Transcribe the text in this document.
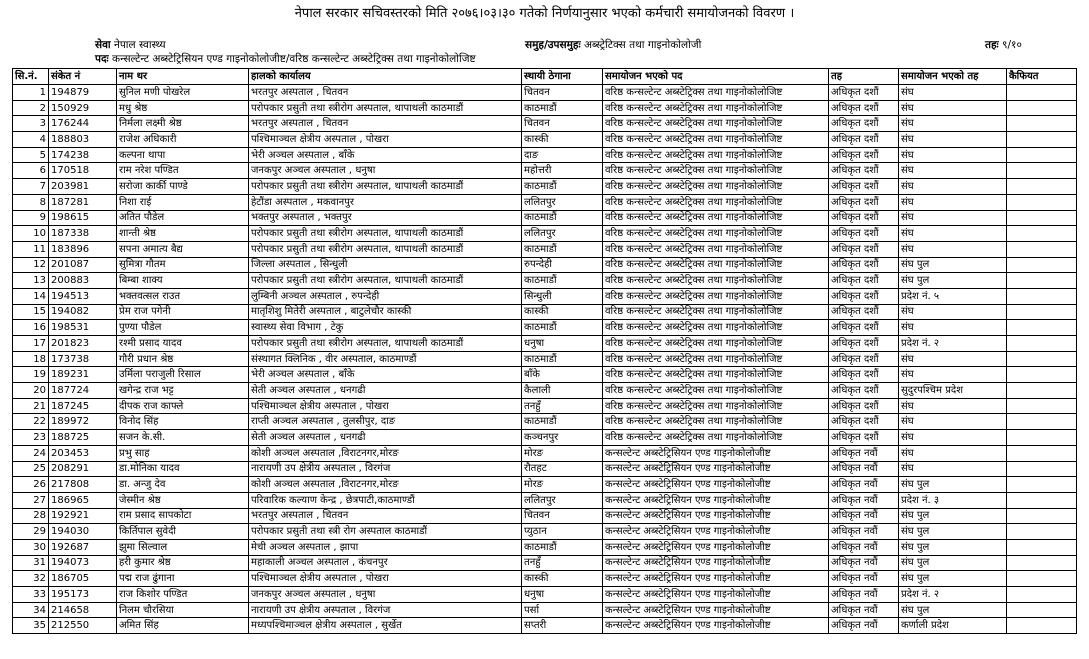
नेपाल सरकार सचिवस्तरको मिति २०७६।०३।३० गतेको निर्णयानुसार भएको कर्मचारी समायोजनको विवरण ।
सेवा नेपाल स्वास्थ्य	समुह/उपसमुहः अब्स्ट्रेटिक्स तथा गाइनोकोलोजी	तहः ९/१०
पदः कन्सल्टेन्ट अब्स्टेट्रिसियन एण्ड गाइनोकोलोजीष्ट/वरिष्ठ कन्सल्टेन्ट अब्स्टेट्रिक्स तथा गाइनोकोलोजिष्ट
सि.नं.	संकेत नं	नाम थर	हालको कार्यालय	स्थायी ठेगाना	समायोजन भएको पद	तह	समायोजन भएको तह	कैफियत
1	194879	सुनिल मणी पोखरेल	भरतपुर अस्पताल , चितवन	चितवन	वरिष्ठ कन्सल्टेन्ट अब्स्टेट्रिक्स तथा गाइनोकोलोजिष्ट	अधिकृत दशौं	संघ	
2	150929	मधु श्रेष्ठ	परोपकार प्रसुती तथा स्त्रीरोग अस्पताल, थापाथली काठमाडौं	काठमाडौं	वरिष्ठ कन्सल्टेन्ट अब्स्टेट्रिक्स तथा गाइनोकोलोजिष्ट	अधिकृत दशौं	संघ	
3	176244	निर्मला लक्ष्मी श्रेष्ठ	भरतपुर अस्पताल , चितवन	चितवन	वरिष्ठ कन्सल्टेन्ट अब्स्टेट्रिक्स तथा गाइनोकोलोजिष्ट	अधिकृत दशौं	संघ	
4	188803	राजेश अधिकारी	पश्चिमाञ्चल क्षेत्रीय अस्पताल , पोखरा	कास्की	वरिष्ठ कन्सल्टेन्ट अब्स्टेट्रिक्स तथा गाइनोकोलोजिष्ट	अधिकृत दशौं	संघ	
5	174238	कल्पना थापा	भेरी अञ्चल अस्पताल , बाँके	दाङ	वरिष्ठ कन्सल्टेन्ट अब्स्टेट्रिक्स तथा गाइनोकोलोजिष्ट	अधिकृत दशौं	संघ	
6	170518	राम नरेश पण्डित	जनकपुर अञ्चल अस्पताल , धनुषा	महोत्तरी	वरिष्ठ कन्सल्टेन्ट अब्स्टेट्रिक्स तथा गाइनोकोलोजिष्ट	अधिकृत दशौं	संघ	
7	203981	सरोजा कार्की पाण्डे	परोपकार प्रसुती तथा स्त्रीरोग अस्पताल, थापाथली काठमाडौं	काठमाडौं	वरिष्ठ कन्सल्टेन्ट अब्स्टेट्रिक्स तथा गाइनोकोलोजिष्ट	अधिकृत दशौं	संघ	
8	187281	निशा राई	हेटौंडा अस्पताल , मकवानपुर	ललितपुर	वरिष्ठ कन्सल्टेन्ट अब्स्टेट्रिक्स तथा गाइनोकोलोजिष्ट	अधिकृत दशौं	संघ	
9	198615	अतित पौडेल	भक्तपुर अस्पताल , भक्तपुर	काठमाडौं	वरिष्ठ कन्सल्टेन्ट अब्स्टेट्रिक्स तथा गाइनोकोलोजिष्ट	अधिकृत दशौं	संघ	
10	187338	शान्ती श्रेष्ठ	परोपकार प्रसुती तथा स्त्रीरोग अस्पताल, थापाथली काठमाडौं	ललितपुर	वरिष्ठ कन्सल्टेन्ट अब्स्टेट्रिक्स तथा गाइनोकोलोजिष्ट	अधिकृत दशौं	संघ	
11	183896	सपना अमात्य बैद्य	परोपकार प्रसुती तथा स्त्रीरोग अस्पताल, थापाथली काठमाडौं	काठमाडौं	वरिष्ठ कन्सल्टेन्ट अब्स्टेट्रिक्स तथा गाइनोकोलोजिष्ट	अधिकृत दशौं	संघ	
12	201087	सुमित्रा गौतम	जिल्ला अस्पताल , सिन्धुली	रुपन्देही	वरिष्ठ कन्सल्टेन्ट अब्स्टेट्रिक्स तथा गाइनोकोलोजिष्ट	अधिकृत दशौं	संघ पुल	
13	200883	बिम्बा शाक्य	परोपकार प्रसुती तथा स्त्रीरोग अस्पताल, थापाथली काठमाडौं	काठमाडौं	वरिष्ठ कन्सल्टेन्ट अब्स्टेट्रिक्स तथा गाइनोकोलोजिष्ट	अधिकृत दशौं	संघ पुल	
14	194513	भक्तवत्सल राउत	लुम्बिनी अञ्चल अस्पताल , रुपन्देही	सिन्धुली	वरिष्ठ कन्सल्टेन्ट अब्स्टेट्रिक्स तथा गाइनोकोलोजिष्ट	अधिकृत दशौं	प्रदेश नं. ५	
15	194082	प्रेम राज पगेनी	मातृशिशु मितेरी अस्पताल , बाटुलेचौर कास्की	कास्की	वरिष्ठ कन्सल्टेन्ट अब्स्टेट्रिक्स तथा गाइनोकोलोजिष्ट	अधिकृत दशौं	संघ	
16	198531	पुण्या पौडेल	स्वास्थ्य सेवा विभाग , टेकु	काठमाडौं	वरिष्ठ कन्सल्टेन्ट अब्स्टेट्रिक्स तथा गाइनोकोलोजिष्ट	अधिकृत दशौं	संघ	
17	201823	रश्मी प्रसाद यादव	परोपकार प्रसुती तथा स्त्रीरोग अस्पताल, थापाथली काठमाडौं	धनुषा	वरिष्ठ कन्सल्टेन्ट अब्स्टेट्रिक्स तथा गाइनोकोलोजिष्ट	अधिकृत दशौं	प्रदेश नं. २	
18	173738	गौरी प्रधान श्रेष्ठ	संस्थागत क्लिनिक , वीर अस्पताल, काठमाण्डौं	काठमाडौं	वरिष्ठ कन्सल्टेन्ट अब्स्टेट्रिक्स तथा गाइनोकोलोजिष्ट	अधिकृत दशौं	संघ	
19	189231	उर्मिला पराजुली रिसाल	भेरी अञ्चल अस्पताल , बाँके	बाँके	वरिष्ठ कन्सल्टेन्ट अब्स्टेट्रिक्स तथा गाइनोकोलोजिष्ट	अधिकृत दशौं	संघ	
20	187724	खगेन्द्र राज भट्ट	सेती अञ्चल अस्पताल , धनगढी	कैलाली	वरिष्ठ कन्सल्टेन्ट अब्स्टेट्रिक्स तथा गाइनोकोलोजिष्ट	अधिकृत दशौं	सुदुरपश्चिम प्रदेश	
21	187245	दीपक राज काफ्ले	पश्चिमाञ्चल क्षेत्रीय अस्पताल , पोखरा	तनहुँ	वरिष्ठ कन्सल्टेन्ट अब्स्टेट्रिक्स तथा गाइनोकोलोजिष्ट	अधिकृत दशौं	संघ	
22	189972	विनोद सिंह	राप्ती अञ्चल अस्पताल , तुलसीपुर, दाङ	काठमाडौं	वरिष्ठ कन्सल्टेन्ट अब्स्टेट्रिक्स तथा गाइनोकोलोजिष्ट	अधिकृत दशौं	संघ	
23	188725	सजन के.सी.	सेती अञ्चल अस्पताल , धनगढी	कञ्चनपुर	वरिष्ठ कन्सल्टेन्ट अब्स्टेट्रिक्स तथा गाइनोकोलोजिष्ट	अधिकृत दशौं	संघ	
24	203453	प्रभु साह	कोशी अञ्चल अस्पताल ,विराटनगर,मोरङ	मोरङ	कन्सल्टेन्ट अब्स्टेट्रिसियन एण्ड गाइनोकोलोजीष्ट	अधिकृत नवौं	संघ	
25	208291	डा.मोनिका यादव	नारायणी उप क्षेत्रीय अस्पताल , विरगंज	रौतहट	कन्सल्टेन्ट अब्स्टेट्रिसियन एण्ड गाइनोकोलोजीष्ट	अधिकृत नवौं	संघ	
26	217808	डा. अन्जु देव	कोशी अञ्चल अस्पताल ,विराटनगर,मोरङ	मोरङ	कन्सल्टेन्ट अब्स्टेट्रिसियन एण्ड गाइनोकोलोजीष्ट	अधिकृत नवौं	संघ पुल	
27	186965	जेस्मीन श्रेष्ठ	परिवारिक कल्याण केन्द्र , छेत्रपाटी,काठमाण्डौं	ललितपुर	कन्सल्टेन्ट अब्स्टेट्रिसियन एण्ड गाइनोकोलोजीष्ट	अधिकृत नवौं	प्रदेश नं. ३	
28	192921	राम प्रसाद सापकोटा	भरतपुर अस्पताल , चितवन	चितवन	कन्सल्टेन्ट अब्स्टेट्रिसियन एण्ड गाइनोकोलोजीष्ट	अधिकृत नवौं	संघ पुल	
29	194030	किर्तिपाल सुवेदी	परोपकार प्रसुती तथा स्त्री रोग अस्पताल काठमाडौं	प्युठान	कन्सल्टेन्ट अब्स्टेट्रिसियन एण्ड गाइनोकोलोजीष्ट	अधिकृत नवौं	संघ पुल	
30	192687	झुमा सिल्वाल	मेची अञ्चल अस्पताल , झापा	काठमाडौं	कन्सल्टेन्ट अब्स्टेट्रिसियन एण्ड गाइनोकोलोजीष्ट	अधिकृत नवौं	संघ पुल	
31	194073	हरी कुमार श्रेष्ठ	महाकाली अञ्चल अस्पताल , कंचनपुर	तनहुँ	कन्सल्टेन्ट अब्स्टेट्रिसियन एण्ड गाइनोकोलोजीष्ट	अधिकृत नवौं	संघ पुल	
32	186705	पद्म राज ढुंगाना	पश्चिमाञ्चल क्षेत्रीय अस्पताल , पोखरा	कास्की	कन्सल्टेन्ट अब्स्टेट्रिसियन एण्ड गाइनोकोलोजीष्ट	अधिकृत नवौं	संघ पुल	
33	195173	राज किशोर पण्डित	जनकपुर अञ्चल अस्पताल , धनुषा	धनुषा	कन्सल्टेन्ट अब्स्टेट्रिसियन एण्ड गाइनोकोलोजीष्ट	अधिकृत नवौं	प्रदेश नं. २	
34	214658	निलम चौरसिया	नारायणी उप क्षेत्रीय अस्पताल , विरगंज	पर्सा	कन्सल्टेन्ट अब्स्टेट्रिसियन एण्ड गाइनोकोलोजीष्ट	अधिकृत नवौं	संघ पुल	
35	212550	अमित सिंह	मध्यपश्चिमाञ्चल क्षेत्रीय अस्पताल , सुर्खेत	सप्तरी	कन्सल्टेन्ट अब्स्टेट्रिसियन एण्ड गाइनोकोलोजीष्ट	अधिकृत नवौं	कर्णाली प्रदेश	
